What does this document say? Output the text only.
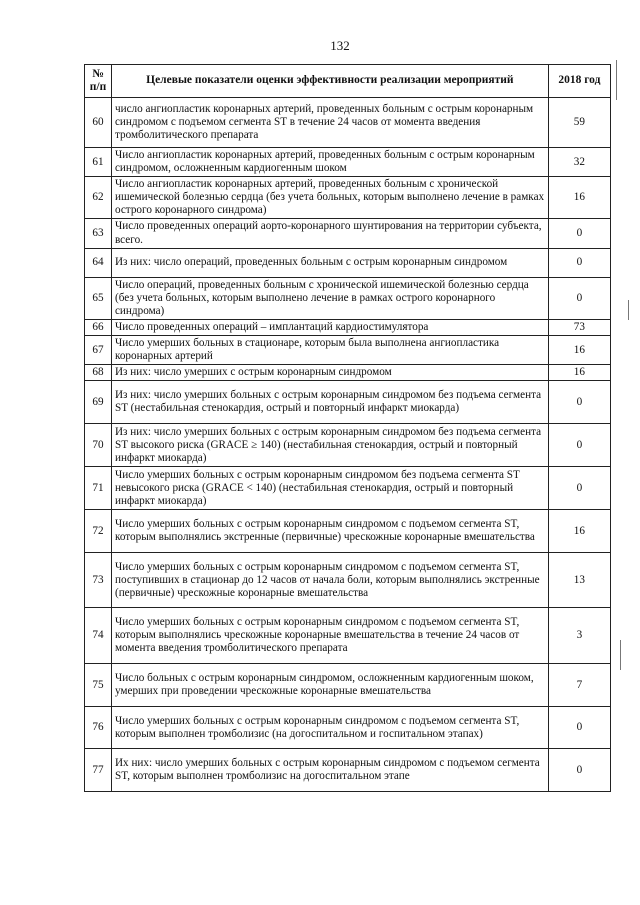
132
№ п/п	Целевые показатели оценки эффективности реализации мероприятий	2018 год
60	число ангиопластик коронарных артерий, проведенных больным с острым коронарным синдромом с подъемом сегмента ST в течение 24 часов от момента введения тромболитического препарата	59
61	Число ангиопластик коронарных артерий, проведенных больным с острым коронарным синдромом, осложненным кардиогенным шоком	32
62	Число ангиопластик коронарных артерий, проведенных больным с хронической ишемической болезнью сердца (без учета больных, которым выполнено лечение в рамках острого коронарного синдрома)	16
63	Число проведенных операций аорто-коронарного шунтирования на территории субъекта, всего.	0
64	Из них: число операций, проведенных больным с острым коронарным синдромом	0
65	Число операций, проведенных больным с хронической ишемической болезнью сердца (без учета больных, которым выполнено лечение в рамках острого коронарного синдрома)	0
66	Число проведенных операций – имплантаций кардиостимулятора	73
67	Число умерших больных в стационаре, которым была выполнена ангиопластика коронарных артерий	16
68	Из них: число умерших с острым коронарным синдромом	16
69	Из них: число умерших больных с острым коронарным синдромом без подъема сегмента ST (нестабильная стенокардия, острый и повторный инфаркт миокарда)	0
70	Из них: число умерших больных с острым коронарным синдромом без подъема сегмента ST высокого риска (GRACE ≥ 140) (нестабильная стенокардия, острый и повторный инфаркт миокарда)	0
71	Число умерших больных с острым коронарным синдромом без подъема сегмента ST невысокого риска (GRACE < 140) (нестабильная стенокардия, острый и повторный инфаркт миокарда)	0
72	Число умерших больных с острым коронарным синдромом с подъемом сегмента ST, которым выполнялись экстренные (первичные) чрескожные коронарные вмешательства	16
73	Число умерших больных с острым коронарным синдромом с подъемом сегмента ST, поступивших в стационар до 12 часов от начала боли, которым выполнялись экстренные (первичные) чрескожные коронарные вмешательства	13
74	Число умерших больных с острым коронарным синдромом с подъемом сегмента ST, которым выполнялись чрескожные коронарные вмешательства в течение 24 часов от момента введения тромболитического препарата	3
75	Число больных с острым коронарным синдромом, осложненным кардиогенным шоком, умерших при проведении чрескожные коронарные вмешательства	7
76	Число умерших больных с острым коронарным синдромом с подъемом сегмента ST, которым выполнен тромболизис (на догоспитальном и госпитальном этапах)	0
77	Их них: число умерших больных с острым коронарным синдромом с подъемом сегмента ST, которым выполнен тромболизис на догоспитальном этапе	0
